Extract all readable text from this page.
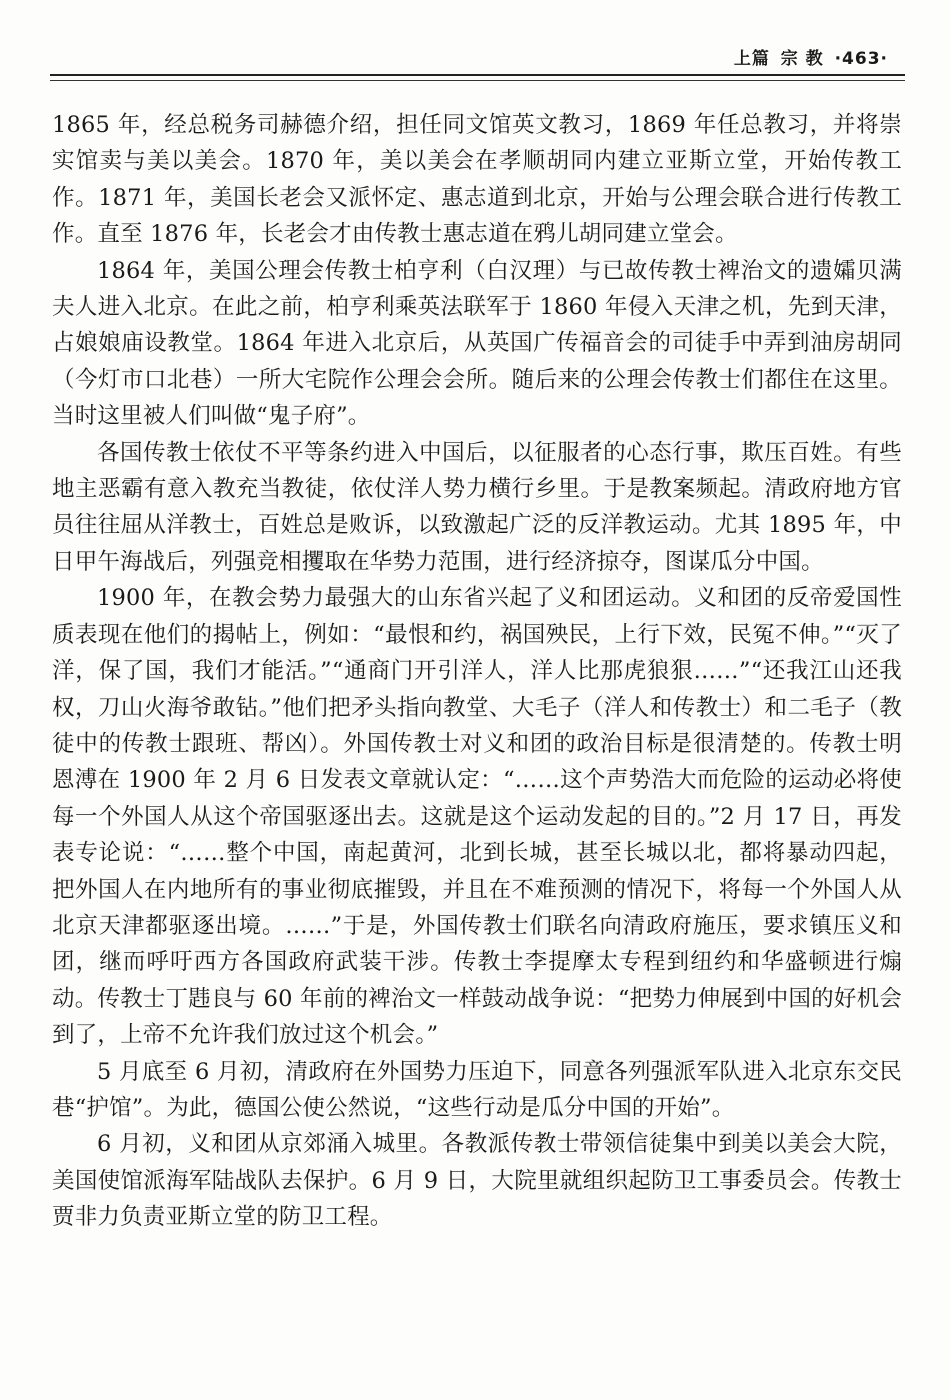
上篇 宗 教 ·463·

1865 年，经总税务司赫德介绍，担任同文馆英文教习，1869 年任总教习，并将崇实馆卖与美以美会。1870 年，美以美会在孝顺胡同内建立亚斯立堂，开始传教工作。1871 年，美国长老会又派怀定、惠志道到北京，开始与公理会联合进行传教工作。直至 1876 年，长老会才由传教士惠志道在鸦儿胡同建立堂会。

1864 年，美国公理会传教士柏亨利（白汉理）与已故传教士裨治文的遗孀贝满夫人进入北京。在此之前，柏亨利乘英法联军于 1860 年侵入天津之机，先到天津，占娘娘庙设教堂。1864 年进入北京后，从英国广传福音会的司徒手中弄到油房胡同（今灯市口北巷）一所大宅院作公理会会所。随后来的公理会传教士们都住在这里。当时这里被人们叫做“鬼子府”。

各国传教士依仗不平等条约进入中国后，以征服者的心态行事，欺压百姓。有些地主恶霸有意入教充当教徒，依仗洋人势力横行乡里。于是教案频起。清政府地方官员往往屈从洋教士，百姓总是败诉，以致激起广泛的反洋教运动。尤其 1895 年，中日甲午海战后，列强竞相攫取在华势力范围，进行经济掠夺，图谋瓜分中国。

1900 年，在教会势力最强大的山东省兴起了义和团运动。义和团的反帝爱国性质表现在他们的揭帖上，例如：“最恨和约，祸国殃民，上行下效，民冤不伸。”“灭了洋，保了国，我们才能活。”“通商门开引洋人，洋人比那虎狼狠……”“还我江山还我权，刀山火海爷敢钻。”他们把矛头指向教堂、大毛子（洋人和传教士）和二毛子（教徒中的传教士跟班、帮凶）。外国传教士对义和团的政治目标是很清楚的。传教士明恩溥在 1900 年 2 月 6 日发表文章就认定：“……这个声势浩大而危险的运动必将使每一个外国人从这个帝国驱逐出去。这就是这个运动发起的目的。”2 月 17 日，再发表专论说：“……整个中国，南起黄河，北到长城，甚至长城以北，都将暴动四起，把外国人在内地所有的事业彻底摧毁，并且在不难预测的情况下，将每一个外国人从北京天津都驱逐出境。……”于是，外国传教士们联名向清政府施压，要求镇压义和团，继而呼吁西方各国政府武装干涉。传教士李提摩太专程到纽约和华盛顿进行煽动。传教士丁韪良与 60 年前的裨治文一样鼓动战争说：“把势力伸展到中国的好机会到了，上帝不允许我们放过这个机会。”

5 月底至 6 月初，清政府在外国势力压迫下，同意各列强派军队进入北京东交民巷“护馆”。为此，德国公使公然说，“这些行动是瓜分中国的开始”。

6 月初，义和团从京郊涌入城里。各教派传教士带领信徒集中到美以美会大院，美国使馆派海军陆战队去保护。6 月 9 日，大院里就组织起防卫工事委员会。传教士贾非力负责亚斯立堂的防卫工程。
